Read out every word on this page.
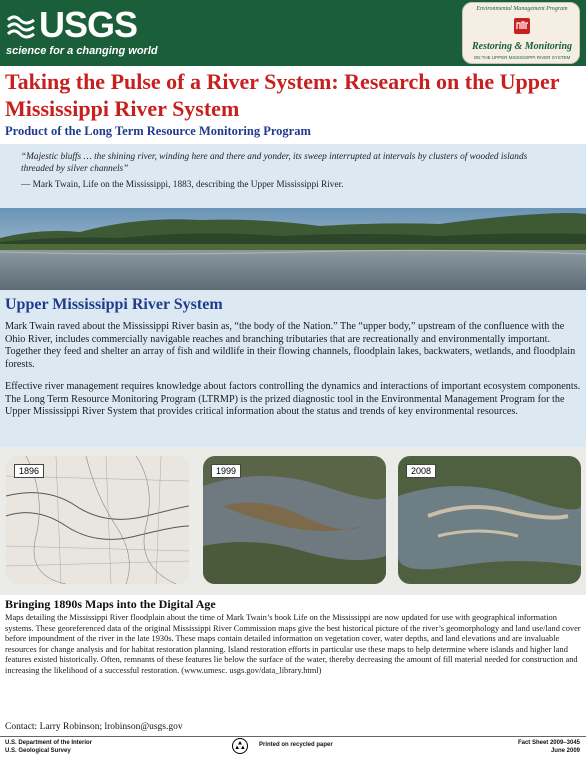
USGS
science for a changing world
Environmental Management Program
Restoring & Monitoring
ON THE UPPER MISSISSIPPI RIVER SYSTEM
Taking the Pulse of a River System: Research on the Upper Mississippi River System
Product of the Long Term Resource Monitoring Program
“Majestic bluffs … the shining river, winding here and there and yonder, its sweep interrupted at intervals by clusters of wooded islands threaded by silver channels”
— Mark Twain, Life on the Mississippi, 1883, describing the Upper Mississippi River.
Upper Mississippi River System

Mark Twain raved about the Mississippi River basin as, “the body of the Nation.” The “upper body,” upstream of the confluence with the Ohio River, includes commercially navigable reaches and branching tributaries that are recreationally and environmentally important. Together they feed and shelter an array of fish and wildlife in their flowing channels, floodplain lakes, backwaters, wetlands, and floodplain forests.

Effective river management requires knowledge about factors controlling the dynamics and interactions of important ecosystem components. The Long Term Resource Monitoring Program (LTRMP) is the prized diagnostic tool in the Environmental Management Program for the Upper Mississippi River System that provides critical information about the status and trends of key environmental resources.

1896	1999	2008
Bringing 1890s Maps into the Digital Age

Maps detailing the Mississippi River floodplain about the time of Mark Twain’s book Life on the Mississippi are now updated for use with geographical information systems. These georeferenced data of the original Mississippi River Commission maps give the best historical picture of the river’s geomorphology and land use/land cover before impoundment of the river in the late 1930s. These maps contain detailed information on vegetation cover, water depths, and land elevations and are invaluable resources for change analysis and for habitat restoration planning. Island restoration efforts in particular use these maps to help determine where islands and higher land features existed historically. Often, remnants of these features lie below the surface of the water, thereby decreasing the amount of fill material needed for construction and increasing the likelihood of a successful restoration. (www.umesc. usgs.gov/data_library.html)

Contact: Larry Robinson; lrobinson@usgs.gov
U.S. Department of the Interior
U.S. Geological Survey
Printed on recycled paper	Fact Sheet 2009–3045
June 2009
